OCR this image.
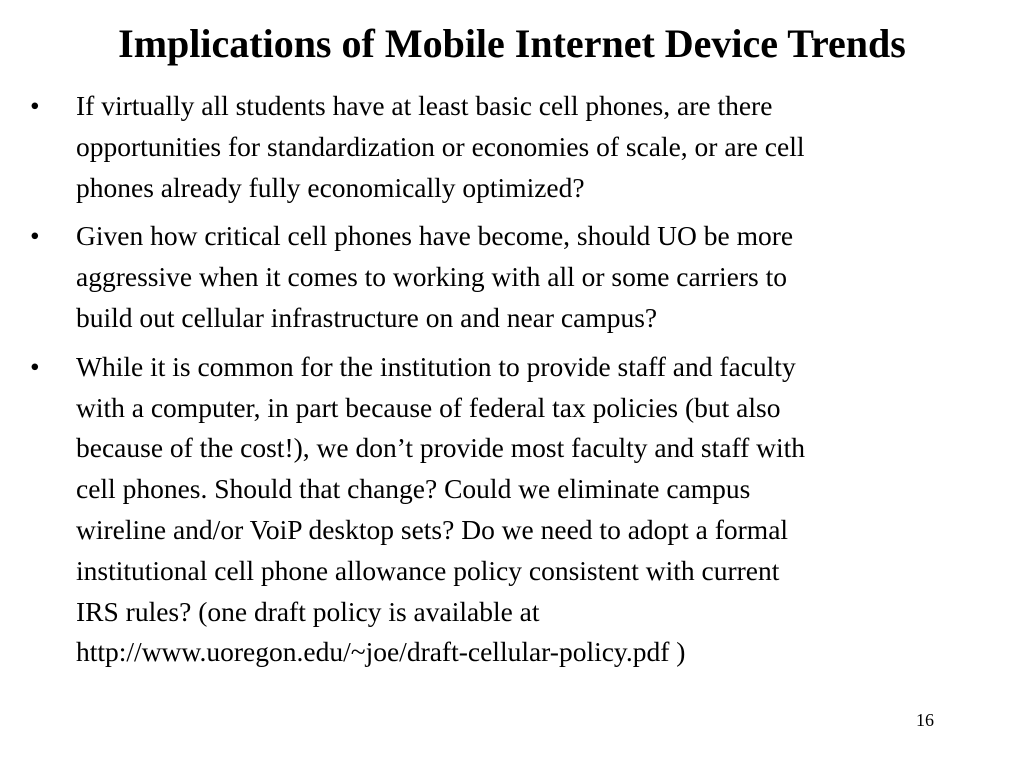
Implications of Mobile Internet Device Trends
•	If virtually all students have at least basic cell phones, are there
opportunities for standardization or economies of scale, or are cell
phones already fully economically optimized?
•	Given how critical cell phones have become, should UO be more
aggressive when it comes to working with all or some carriers to
build out cellular infrastructure on and near campus?
•	While it is common for the institution to provide staff and faculty
with a computer, in part because of federal tax policies (but also
because of the cost!), we don’t provide most faculty and staff with
cell phones. Should that change? Could we eliminate campus
wireline and/or VoiP desktop sets? Do we need to adopt a formal
institutional cell phone allowance policy consistent with current
IRS rules? (one draft policy is available at
http://www.uoregon.edu/~joe/draft-cellular-policy.pdf )
16
